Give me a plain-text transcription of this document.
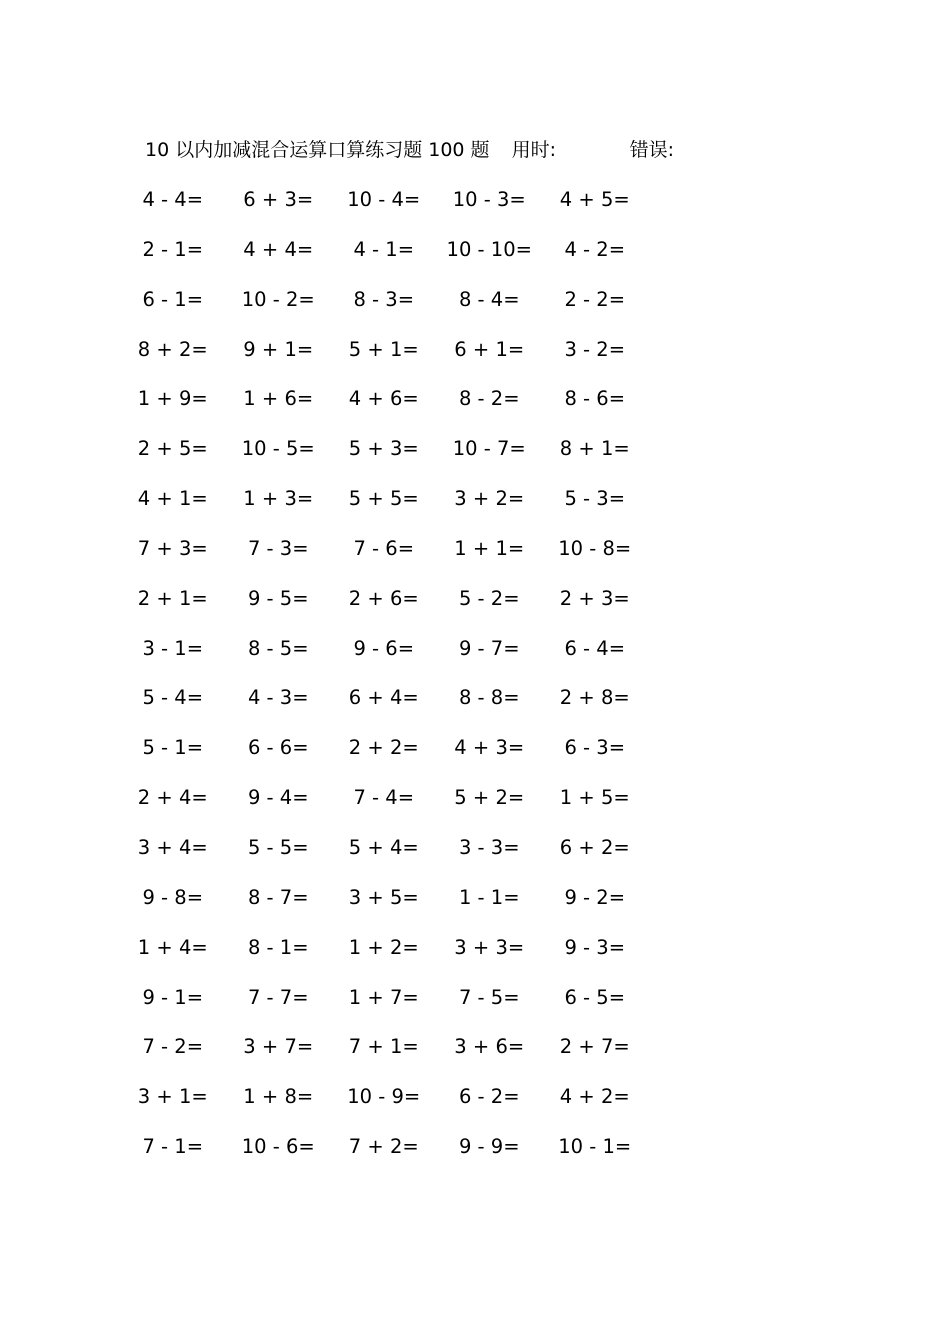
10 以内加减混合运算口算练习题 100 题 用时:	错误:
4 - 4=	6 + 3=	10 - 4=	10 - 3=	4 + 5=
2 - 1=	4 + 4=	4 - 1=	10 - 10=	4 - 2=
6 - 1=	10 - 2=	8 - 3=	8 - 4=	2 - 2=
8 + 2=	9 + 1=	5 + 1=	6 + 1=	3 - 2=
1 + 9=	1 + 6=	4 + 6=	8 - 2=	8 - 6=
2 + 5=	10 - 5=	5 + 3=	10 - 7=	8 + 1=
4 + 1=	1 + 3=	5 + 5=	3 + 2=	5 - 3=
7 + 3=	7 - 3=	7 - 6=	1 + 1=	10 - 8=
2 + 1=	9 - 5=	2 + 6=	5 - 2=	2 + 3=
3 - 1=	8 - 5=	9 - 6=	9 - 7=	6 - 4=
5 - 4=	4 - 3=	6 + 4=	8 - 8=	2 + 8=
5 - 1=	6 - 6=	2 + 2=	4 + 3=	6 - 3=
2 + 4=	9 - 4=	7 - 4=	5 + 2=	1 + 5=
3 + 4=	5 - 5=	5 + 4=	3 - 3=	6 + 2=
9 - 8=	8 - 7=	3 + 5=	1 - 1=	9 - 2=
1 + 4=	8 - 1=	1 + 2=	3 + 3=	9 - 3=
9 - 1=	7 - 7=	1 + 7=	7 - 5=	6 - 5=
7 - 2=	3 + 7=	7 + 1=	3 + 6=	2 + 7=
3 + 1=	1 + 8=	10 - 9=	6 - 2=	4 + 2=
7 - 1=	10 - 6=	7 + 2=	9 - 9=	10 - 1=
